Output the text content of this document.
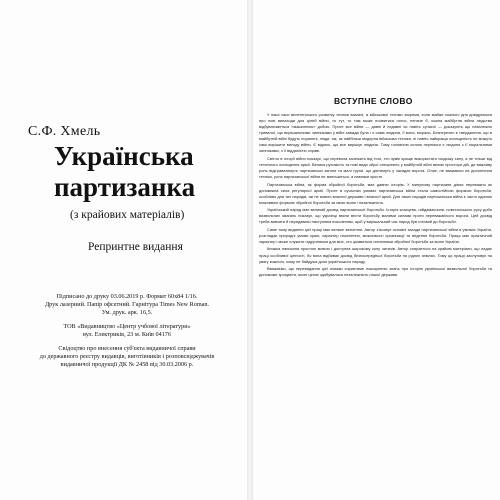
С.Ф. Хмель
Українська
партизанка
(з крайових матеріалів)
Репринтне видання
Підписано до друку 03.06.2019 р. Формат 60х84 1/16.
Друк лазерний. Папір офсетний. Гарнітура Times New Roman.
Ум. друк. арк. 16,5.
ТОВ «Видавництво «Центр учбової літератури»
вул. Електриків, 23 м. Київ 04176
Свідоцтво про внесення суб'єкта видавничої справи
до державного реєстру видавців, виготівників і розповсюджувачів
видавничої продукції ДК № 2458 від 30.03.2006 р.
ВСТУПНЕ СЛОВО

У наші часи велетенського розвитку техніки взагалі, а військової техніки зокрема, коли майже кожного дня довідуємося про нові винаходи для цілей війни, то тут, то там може появитися голос, неначе б, кожна майбутня війна людства відбуватиметься «машинною» добою. Проте все війни — давні й недавні чи навіть сучасні — доказують що незалежно тривалої, що вирішальними чинниками у війні завжди була і є сама людина, її воля, мораль. Безперечно є твердження, що в майбутній війні будуть поранені, люди, які, як найбільш модерна військова техніка, ні навіть найкраща оснащеність не можуть самі вирішити виходу війни. Є відомо, що все вирішує людина. Тому головною силою перемоги є людина з її моральними чинниками, з її відданістю справі.

Світло в історії війни показує, що перемога залежить від того, хто зуміє краще використати людську силу, а не тільки від технічного оснащення армії. Велика рухомість та нові види зброї створюють у майбутній війні великі простори дій, де важливу роль відіграватимуть партизанські загони та малі групи, що діятимуть у засадах ворога. Отже, не зважаючи на досягнення техніки, роль партизанської війни не зменшиться, а навпаки зросте.

Партизанська війна, як форма збройної боротьби, має давню історію. У минулому партизани діяли переважно як допоміжна сила регулярної армії. Проте в сучасних умовах партизанська війна стала самостійною формою боротьби, особливо для тих народів, які не мають власної держави і власної армії. Для таких народів партизанська війна є часто єдиною можливою формою збройної боротьби за свою волю і незалежність.

Український народ має великий досвід партизанської боротьби. Історія козацтва, гайдамаччини, повстанського руху доби визвольних змагань показує, що українці вміли вести боротьбу малими силами проти переважаючого ворога. Цей досвід треба вивчати й передавати наступним поколінням, щоб у вирішальний час народ був готовий до боротьби.

Саме тому видання цієї праці має велике значення. Автор з'ясовує основні засади партизанської війни в умовах України, розглядає природні умови краю, характер населення, можливості організації та ведення боротьби. Праця має практичний характер і може служити підручником для всіх, хто цікавиться питаннями збройної боротьби за волю України.

Книжка написана простою мовою і доступна широкому колу читачів. Автор спирається на крайові матеріали, що надає праці особливої цінності, бо вона відбиває досвід безпосередньої боротьби на рідних землях. Тому ця праця заслуговує на увагу кожного, кому не байдужа доля українського народу.

Вважаємо, що перевидання цієї книжки сприятиме поширенню знань про історію української визвольної боротьби та допоможе зрозуміти, якою ціною здобувалася незалежність нашої держави.
